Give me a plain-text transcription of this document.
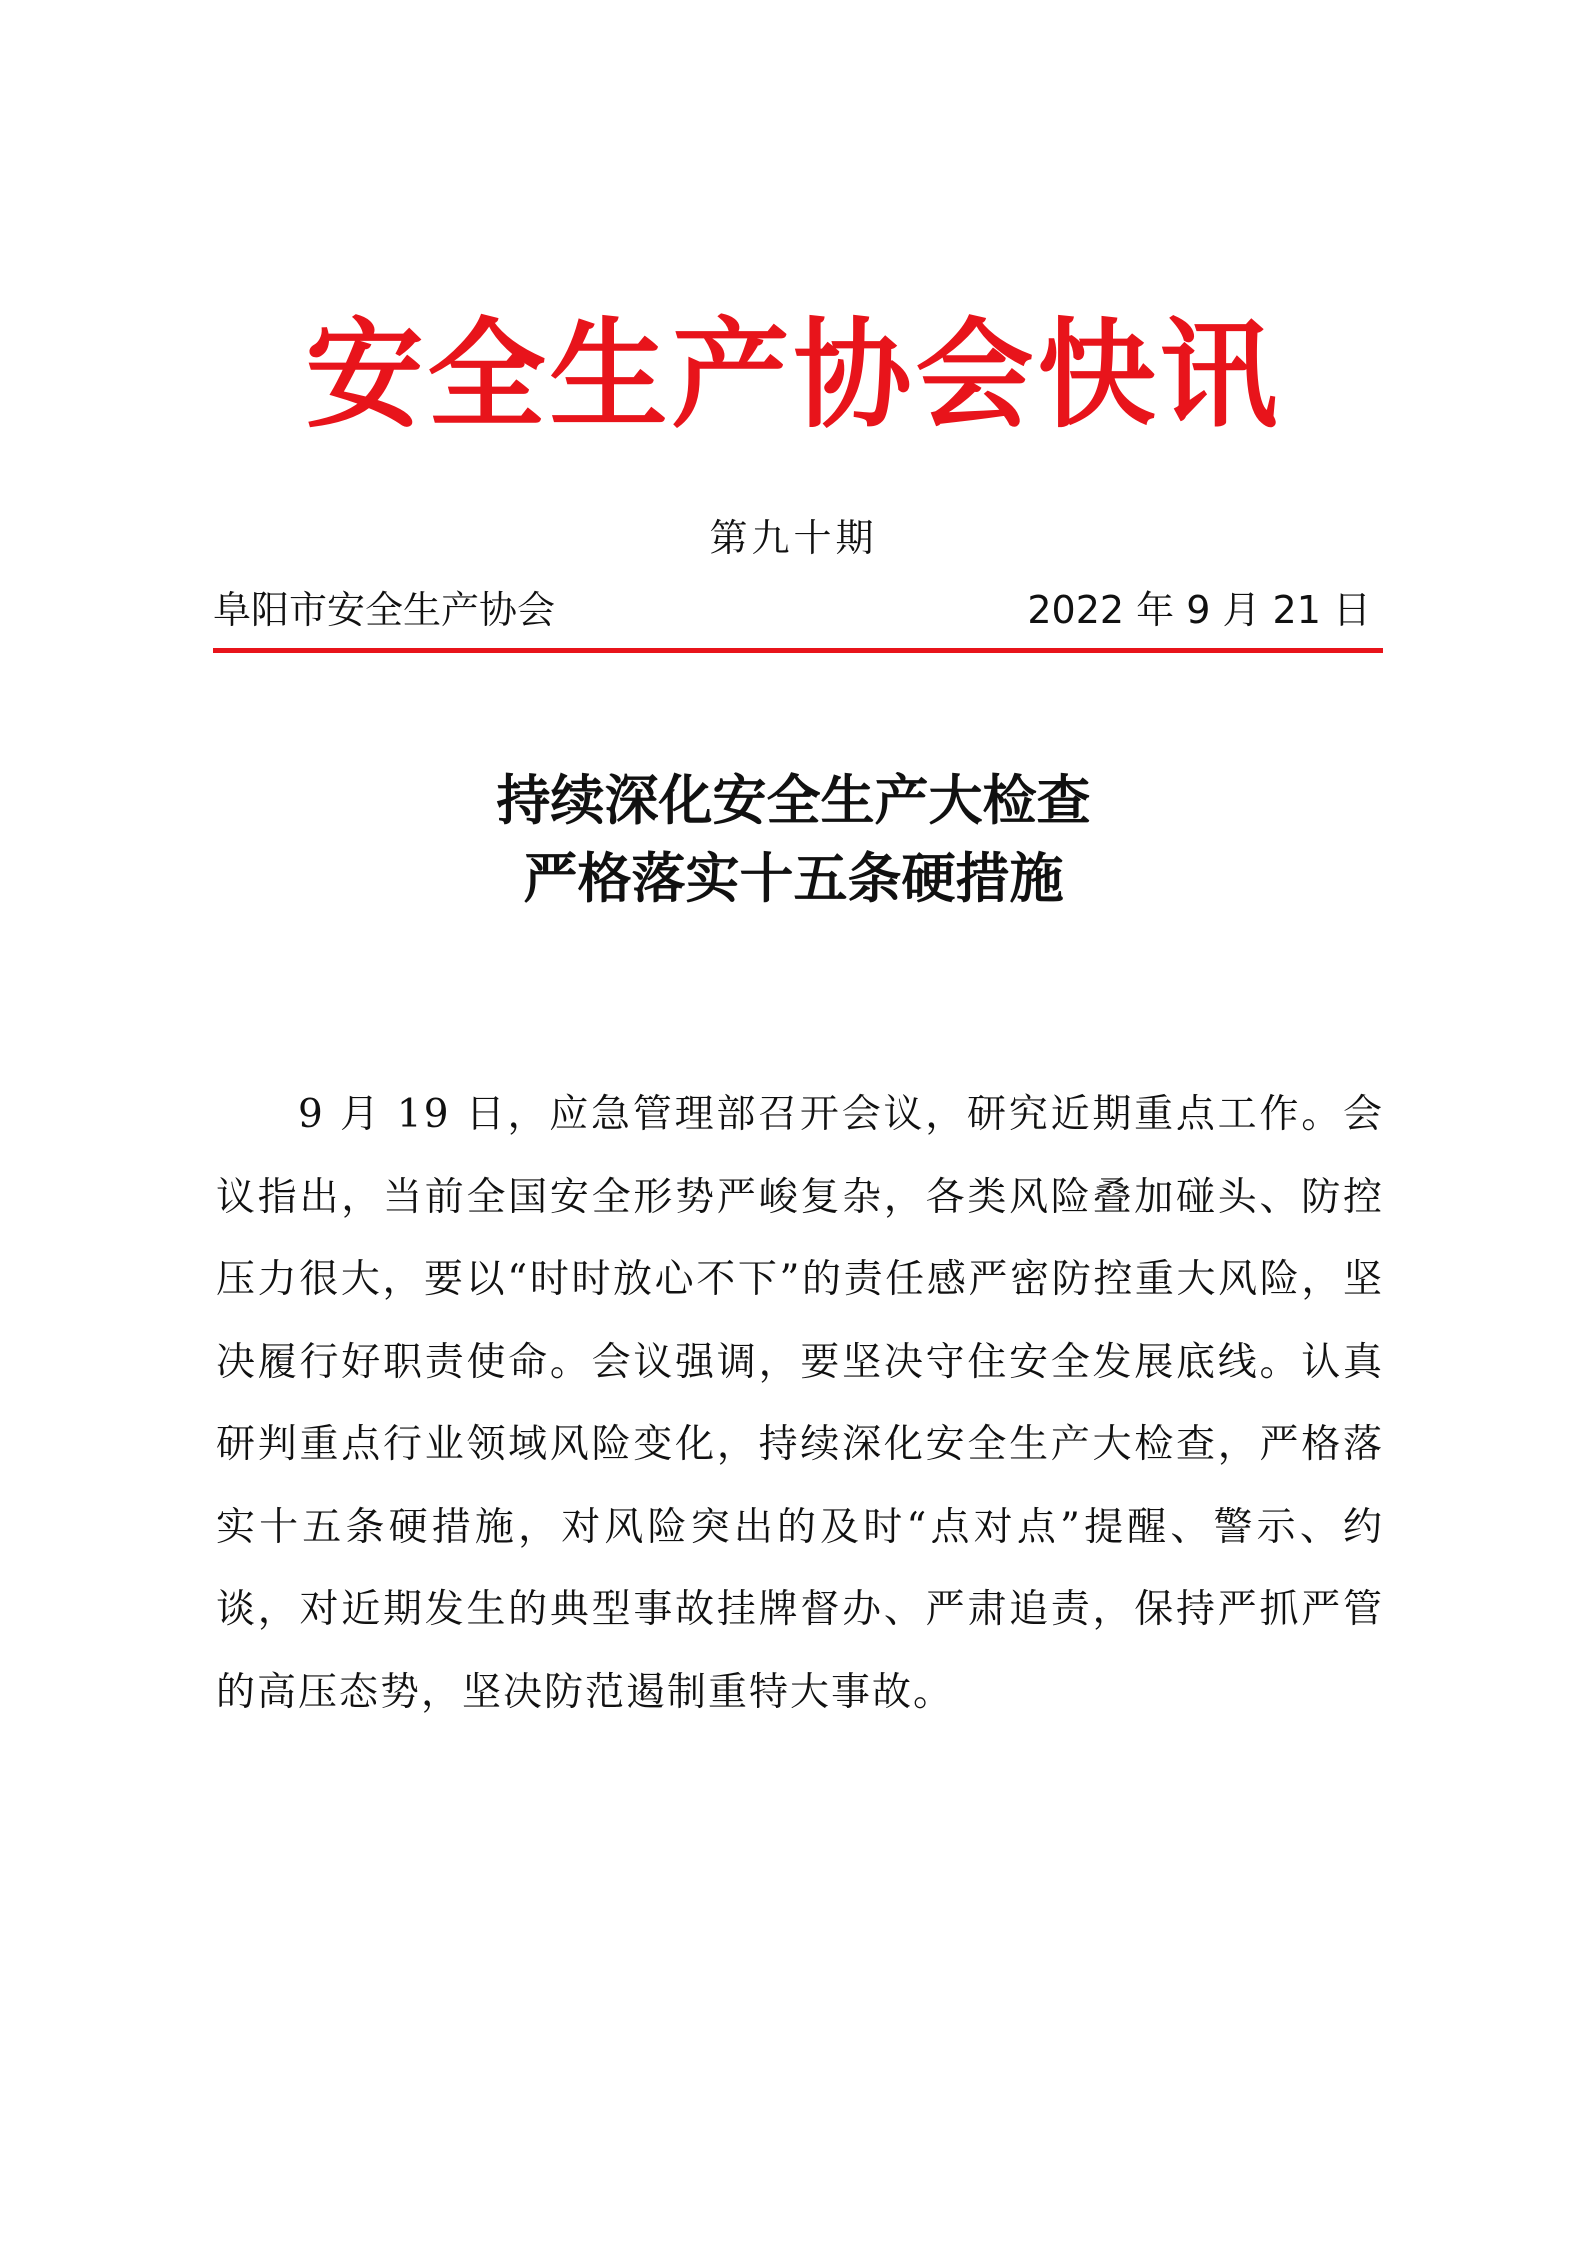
安全生产协会快讯
第九十期
阜阳市安全生产协会	2022 年 9 月 21 日
持续深化安全生产大检查
严格落实十五条硬措施

9 月 19 日，应急管理部召开会议，研究近期重点工作。会议指出，当前全国安全形势严峻复杂，各类风险叠加碰头、防控压力很大，要以“时时放心不下”的责任感严密防控重大风险，坚决履行好职责使命。会议强调，要坚决守住安全发展底线。认真研判重点行业领域风险变化，持续深化安全生产大检查，严格落实十五条硬措施，对风险突出的及时“点对点”提醒、警示、约谈，对近期发生的典型事故挂牌督办、严肃追责，保持严抓严管的高压态势，坚决防范遏制重特大事故。
